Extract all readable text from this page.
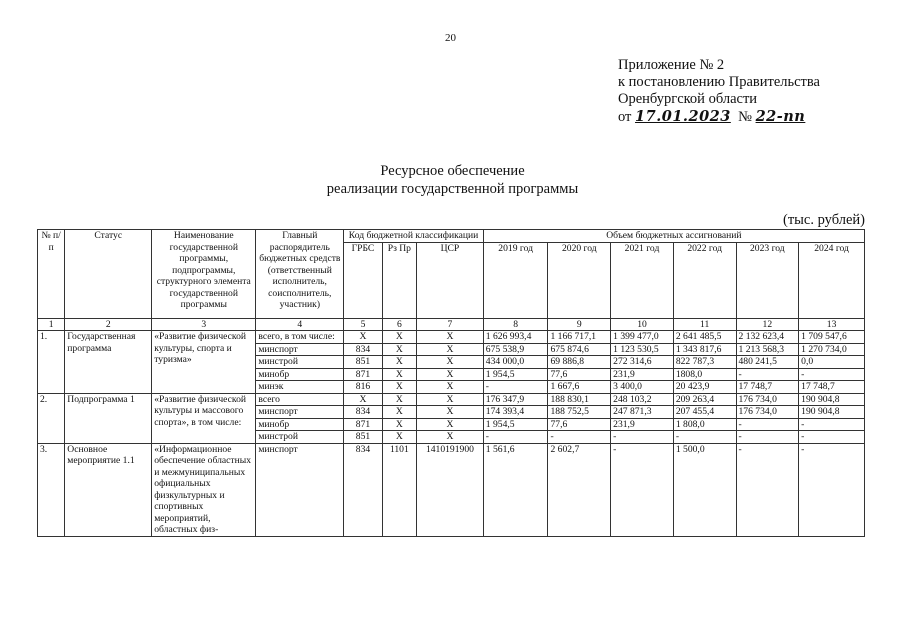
20
Приложение № 2
к постановлению Правительства
Оренбургской области
от 17.01.2023 № 22-пп
Ресурсное обеспечение
реализации государственной программы
(тыс. рублей)
№ п/п	Статус	Наименование государственной программы, подпрограммы, структурного элемента государственной программы	Главный распорядитель бюджетных средств (ответственный исполнитель, соисполнитель, участник)	Код бюджетной классификации			Объем бюджетных ассигнований					
				ГРБС	Рз Пр	ЦСР	2019 год	2020 год	2021 год	2022 год	2023 год	2024 год
1	2	3	4	5	6	7	8	9	10	11	12	13
1.	Государственная программа	«Развитие физической культуры, спорта и туризма»	всего, в том числе:	Х	Х	Х	1 626 993,4	1 166 717,1	1 399 477,0	2 641 485,5	2 132 623,4	1 709 547,6
			минспорт	834	Х	Х	675 538,9	675 874,6	1 123 530,5	1 343 817,6	1 213 568,3	1 270 734,0
			минстрой	851	Х	Х	434 000,0	69 886,8	272 314,6	822 787,3	480 241,5	0,0
			минобр	871	Х	Х	1 954,5	77,6	231,9	1808,0	-	-
			минэк	816	Х	Х	-	1 667,6	3 400,0	20 423,9	17 748,7	17 748,7
2.	Подпрограмма 1	«Развитие физической культуры и массового спорта», в том числе:	всего	Х	Х	Х	176 347,9	188 830,1	248 103,2	209 263,4	176 734,0	190 904,8
			минспорт	834	Х	Х	174 393,4	188 752,5	247 871,3	207 455,4	176 734,0	190 904,8
			минобр	871	Х	Х	1 954,5	77,6	231,9	1 808,0	-	-
			минстрой	851	Х	Х	-	-	-	-	-	-
3.	Основное мероприятие 1.1	«Информационное обеспечение областных и межмуниципальных официальных физкультурных и спортивных мероприятий, областных физ-	минспорт	834	1101	1410191900	1 561,6	2 602,7	-	1 500,0	-	-
